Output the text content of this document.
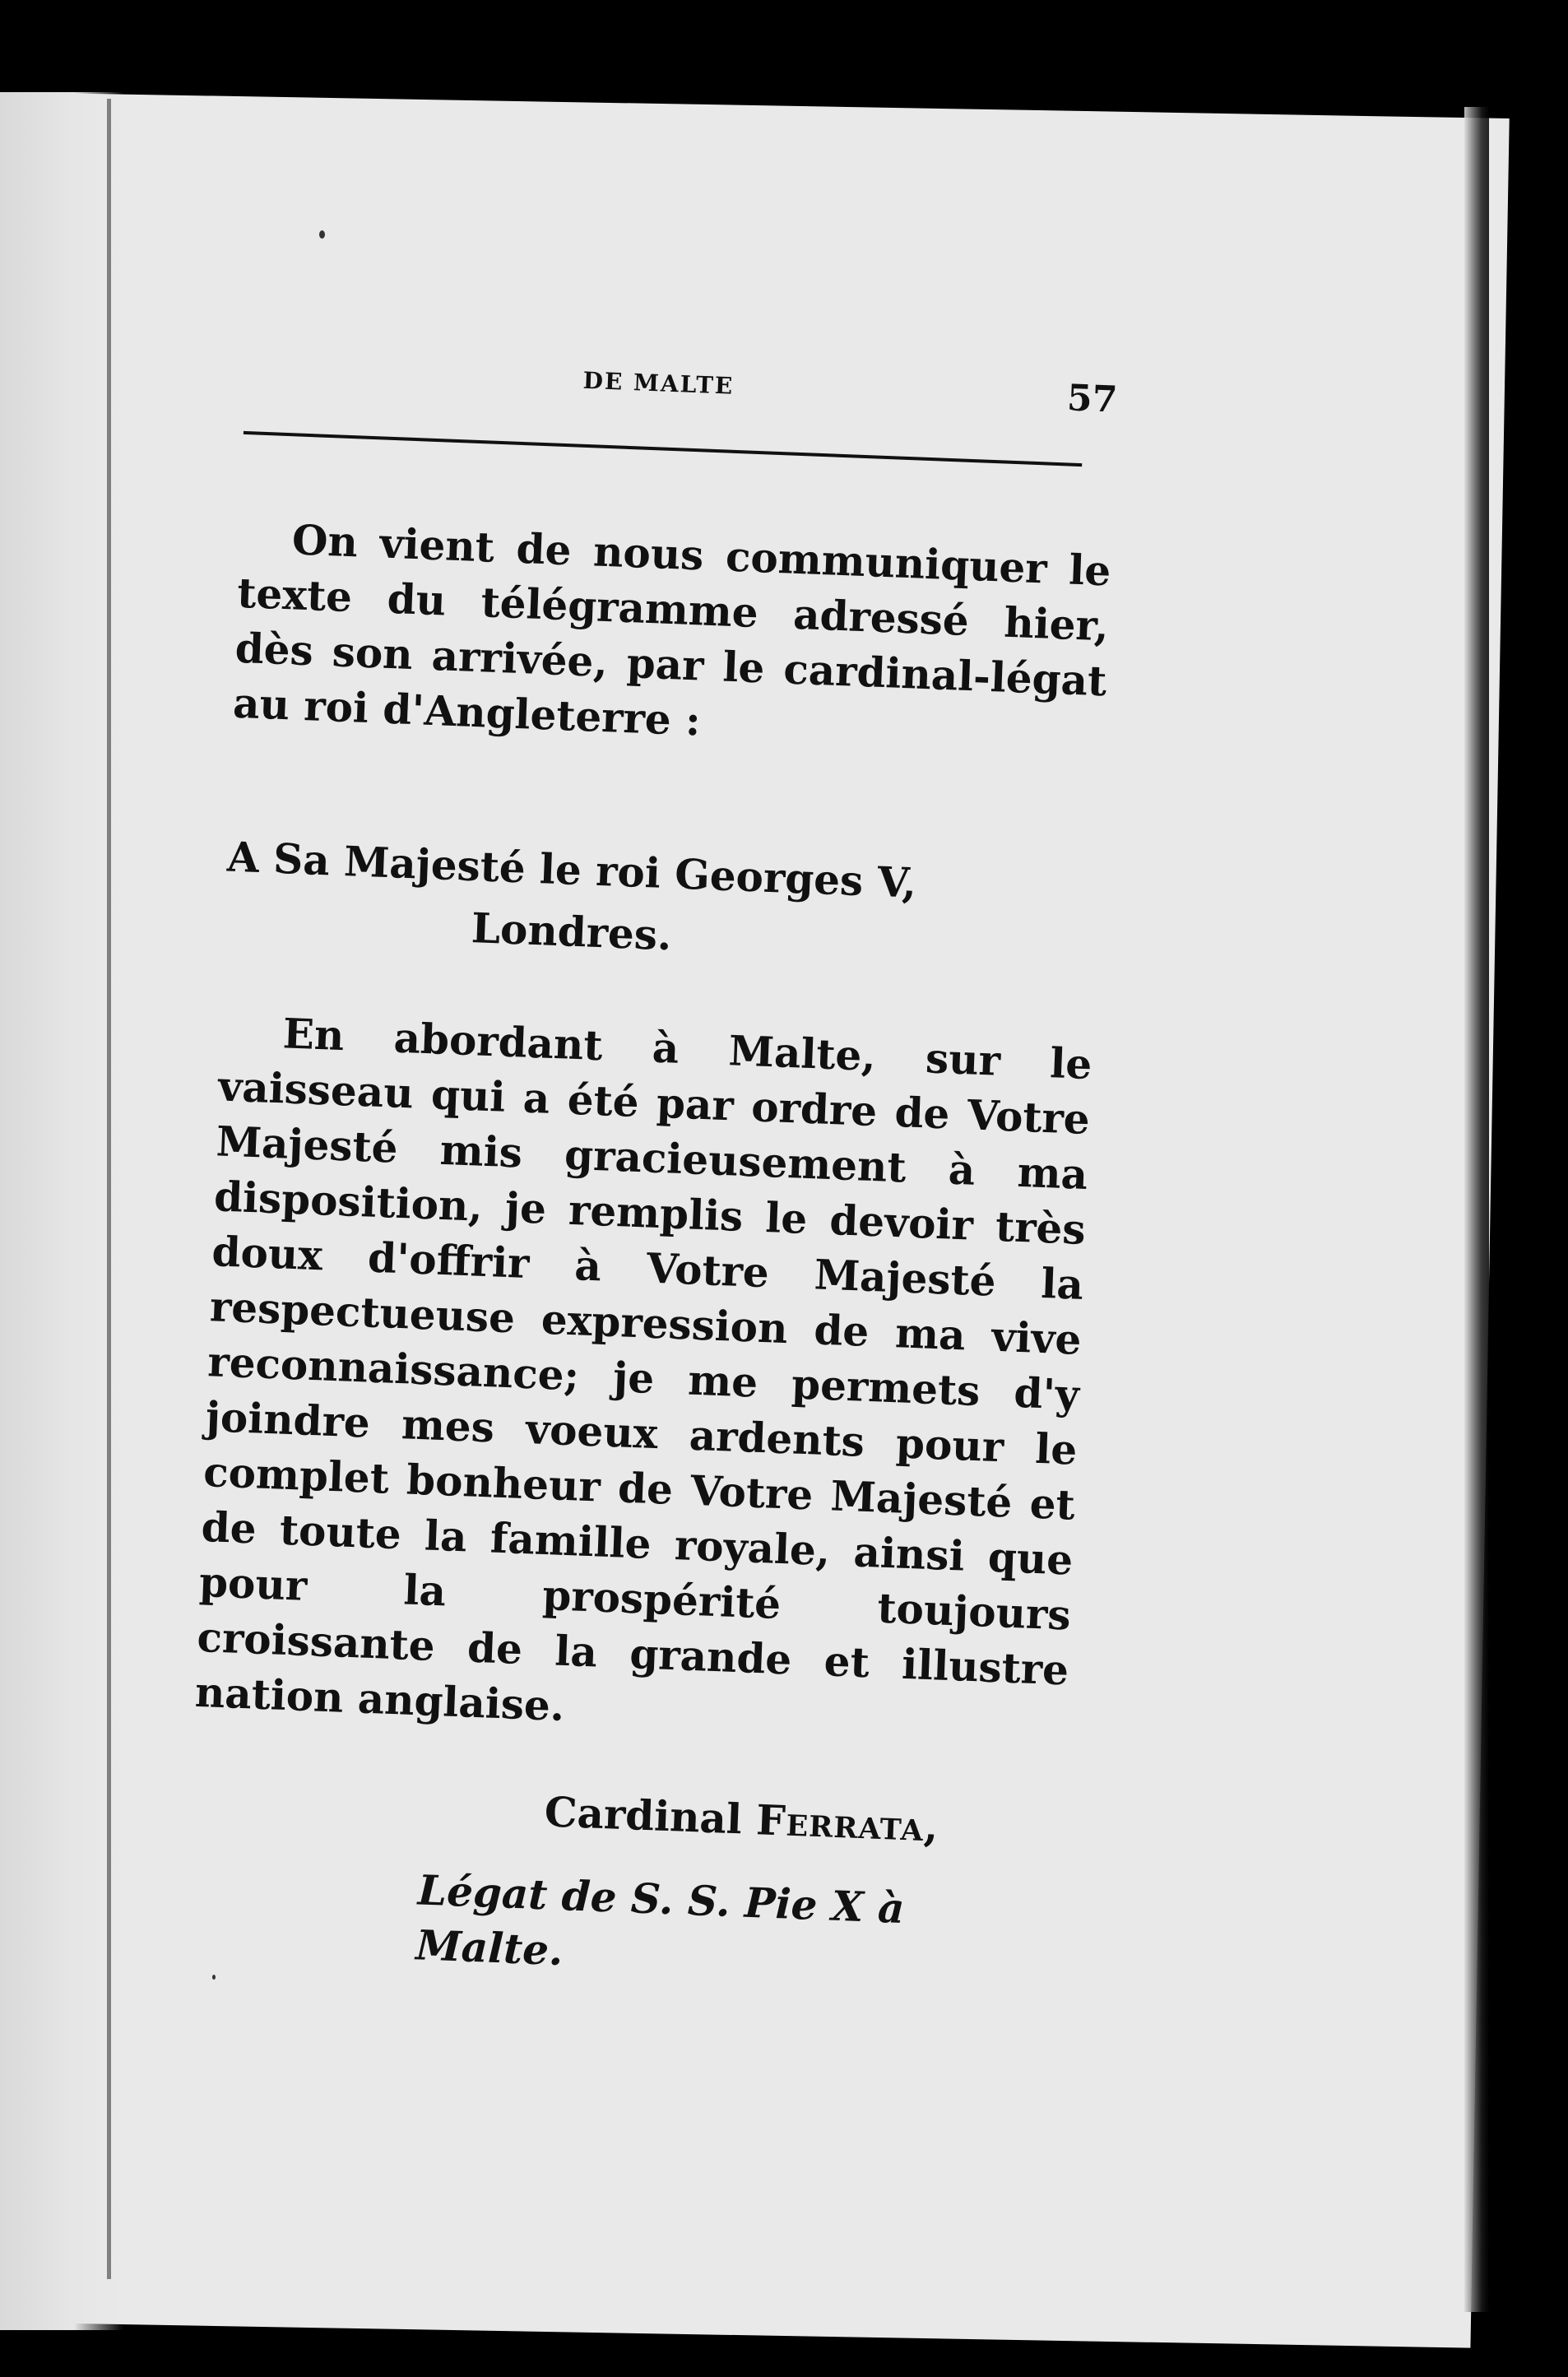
DE MALTE	57

On vient de nous communiquer le texte du télégramme adressé hier, dès son arrivée, par le cardinal-légat au roi d'Angleterre :

A Sa Majesté le roi Georges V,
Londres.

En abordant à Malte, sur le vaisseau qui a été par ordre de Votre Majesté mis gracieusement à ma disposition, je remplis le devoir très doux d'offrir à Votre Majesté la respectueuse expression de ma vive reconnaissance; je me permets d'y joindre mes voeux ardents pour le complet bonheur de Votre Majesté et de toute la famille royale, ainsi que pour la prospérité toujours croissante de la grande et illustre nation anglaise.

Cardinal Ferrata,
Légat de S. S. Pie X à Malte.
